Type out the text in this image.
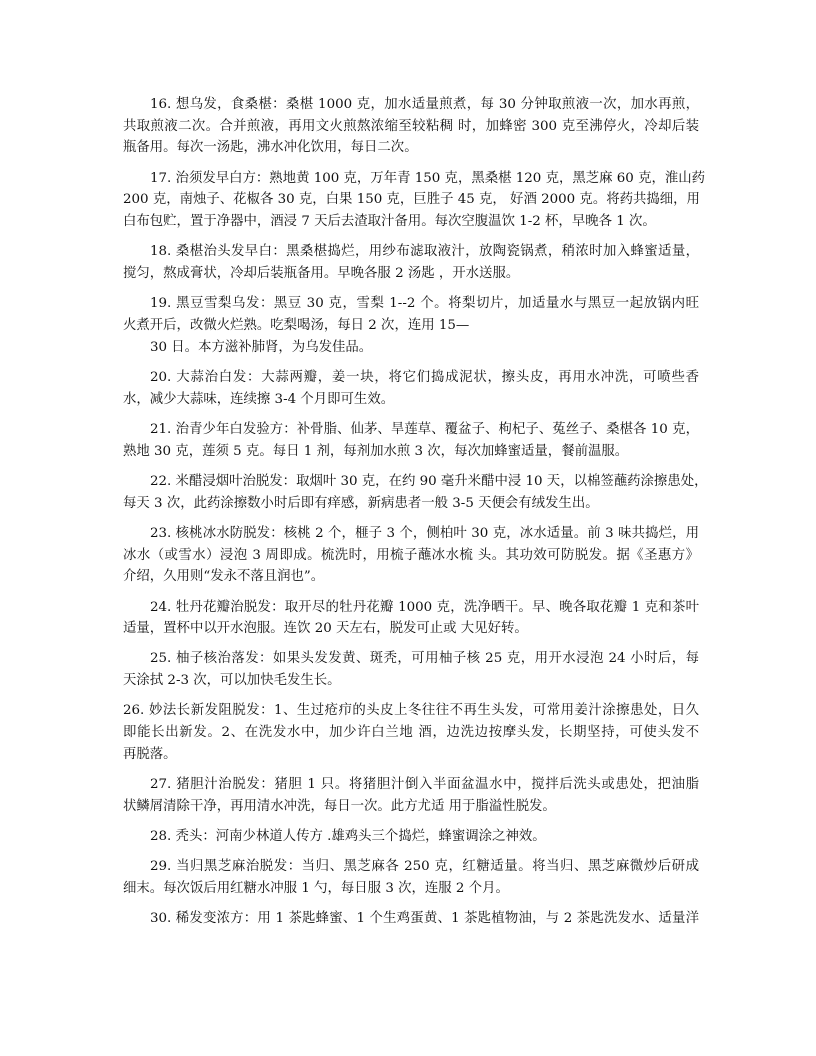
16. 想乌发，食桑椹：桑椹 1000 克，加水适量煎煮，每 30 分钟取煎液一次，加水再煎，
共取煎液二次。合并煎液，再用文火煎熬浓缩至较粘稠 时，加蜂密 300 克至沸停火，冷却后装
瓶备用。每次一汤匙，沸水冲化饮用，每日二次。
17. 治须发早白方：熟地黄 100 克，万年青 150 克，黑桑椹 120 克，黑芝麻 60 克，淮山药
200 克，南烛子、花椒各 30 克，白果 150 克，巨胜子 45 克， 好酒 2000 克。将药共捣细，用
白布包贮，置于净器中，酒浸 7 天后去渣取汁备用。每次空腹温饮 1-2 杯，早晚各 1 次。
18. 桑椹治头发早白：黑桑椹捣烂，用纱布滤取液汁，放陶瓷锅煮，稍浓时加入蜂蜜适量，
搅匀，熬成膏状，冷却后装瓶备用。早晚各服 2 汤匙 ，开水送服。
19. 黑豆雪梨乌发：黑豆 30 克，雪梨 1--2 个。将梨切片，加适量水与黑豆一起放锅内旺
火煮开后，改微火烂熟。吃梨喝汤，每日 2 次，连用 15—
30 日。本方滋补肺肾，为乌发佳品。
20. 大蒜治白发：大蒜两瓣，姜一块，将它们捣成泥状，擦头皮，再用水冲洗，可喷些香
水，减少大蒜味，连续擦 3-4 个月即可生效。
21. 治青少年白发验方：补骨脂、仙茅、旱莲草、覆盆子、枸杞子、菟丝子、桑椹各 10 克，
熟地 30 克，莲须 5 克。每日 1 剂，每剂加水煎 3 次，每次加蜂蜜适量，餐前温服。
22. 米醋浸烟叶治脱发：取烟叶 30 克，在约 90 毫升米醋中浸 10 天，以棉签蘸药涂擦患处，
每天 3 次，此药涂擦数小时后即有痒感，新病患者一般 3-5 天便会有绒发生出。
23. 核桃冰水防脱发：核桃 2 个，榧子 3 个，侧柏叶 30 克，冰水适量。前 3 味共捣烂，用
冰水（或雪水）浸泡 3 周即成。梳洗时，用梳子蘸冰水梳 头。其功效可防脱发。据《圣惠方》
介绍，久用则“发永不落且润也”。
24. 牡丹花瓣治脱发：取开尽的牡丹花瓣 1000 克，洗净晒干。早、晚各取花瓣 1 克和茶叶
适量，置杯中以开水泡服。连饮 20 天左右，脱发可止或 大见好转。
25. 柚子核治落发：如果头发发黄、斑秃，可用柚子核 25 克，用开水浸泡 24 小时后，每
天涂拭 2-3 次，可以加快毛发生长。
26. 妙法长新发阻脱发：1、生过疮疖的头皮上冬往往不再生头发，可常用姜汁涂擦患处，日久
即能长出新发。2、在洗发水中，加少许白兰地 酒，边洗边按摩头发，长期坚持，可使头发不
再脱落。
27. 猪胆汁治脱发：猪胆 1 只。将猪胆汁倒入半面盆温水中，搅拌后洗头或患处，把油脂
状鳞屑清除干净，再用清水冲洗，每日一次。此方尤适 用于脂溢性脱发。
28. 秃头：河南少林道人传方 .雄鸡头三个捣烂，蜂蜜调涂之神效。
29. 当归黑芝麻治脱发：当归、黑芝麻各 250 克，红糖适量。将当归、黑芝麻微炒后研成
细末。每次饭后用红糖水冲服 1 勺，每日服 3 次，连服 2 个月。
30. 稀发变浓方：用 1 茶匙蜂蜜、1 个生鸡蛋黄、1 茶匙植物油，与 2 茶匙洗发水、适量洋
